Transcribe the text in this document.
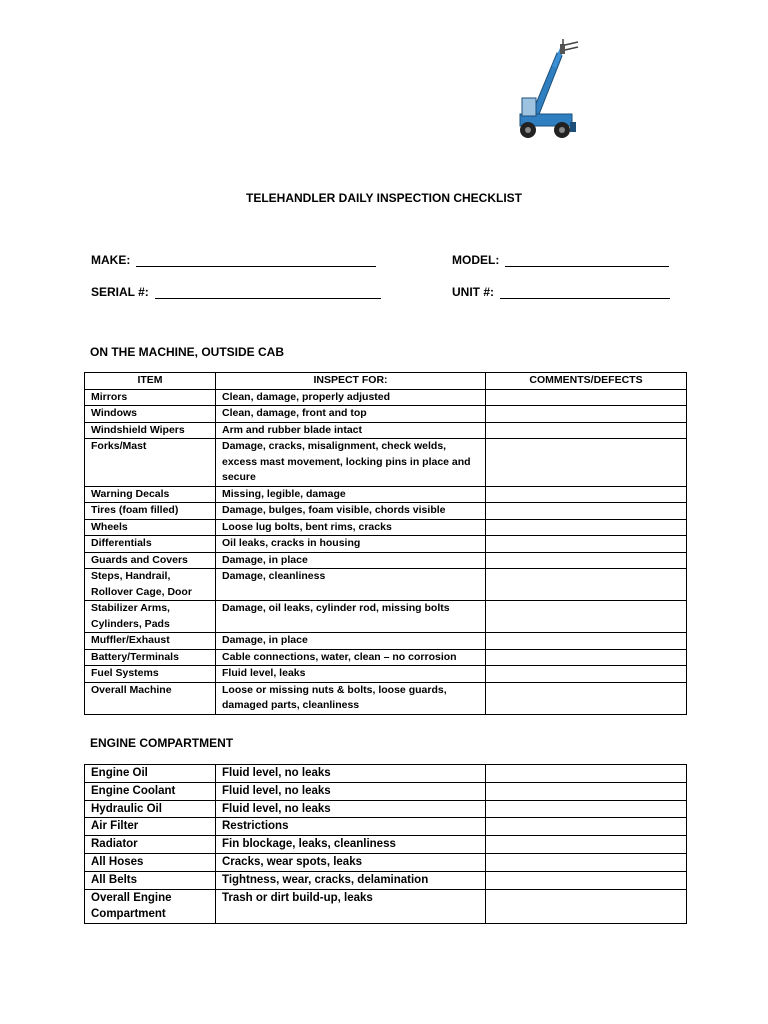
TELEHANDLER DAILY INSPECTION CHECKLIST
MAKE:	MODEL:
SERIAL #:	UNIT #:
ON THE MACHINE, OUTSIDE CAB
ITEM	INSPECT FOR:	COMMENTS/DEFECTS
Mirrors	Clean, damage, properly adjusted	
Windows	Clean, damage, front and top	
Windshield Wipers	Arm and rubber blade intact	
Forks/Mast	Damage, cracks, misalignment, check welds, excess mast movement, locking pins in place and secure	
Warning Decals	Missing, legible, damage	
Tires (foam filled)	Damage, bulges, foam visible, chords visible	
Wheels	Loose lug bolts, bent rims, cracks	
Differentials	Oil leaks, cracks in housing	
Guards and Covers	Damage, in place	
Steps, Handrail, Rollover Cage, Door	Damage, cleanliness	
Stabilizer Arms, Cylinders, Pads	Damage, oil leaks, cylinder rod, missing bolts	
Muffler/Exhaust	Damage, in place	
Battery/Terminals	Cable connections, water, clean – no corrosion	
Fuel Systems	Fluid level, leaks	
Overall Machine	Loose or missing nuts & bolts, loose guards, damaged parts, cleanliness	
ENGINE COMPARTMENT
Engine Oil	Fluid level, no leaks	
Engine Coolant	Fluid level, no leaks	
Hydraulic Oil	Fluid level, no leaks	
Air Filter	Restrictions	
Radiator	Fin blockage, leaks, cleanliness	
All Hoses	Cracks, wear spots, leaks	
All Belts	Tightness, wear, cracks, delamination	
Overall Engine Compartment	Trash or dirt build-up, leaks	
